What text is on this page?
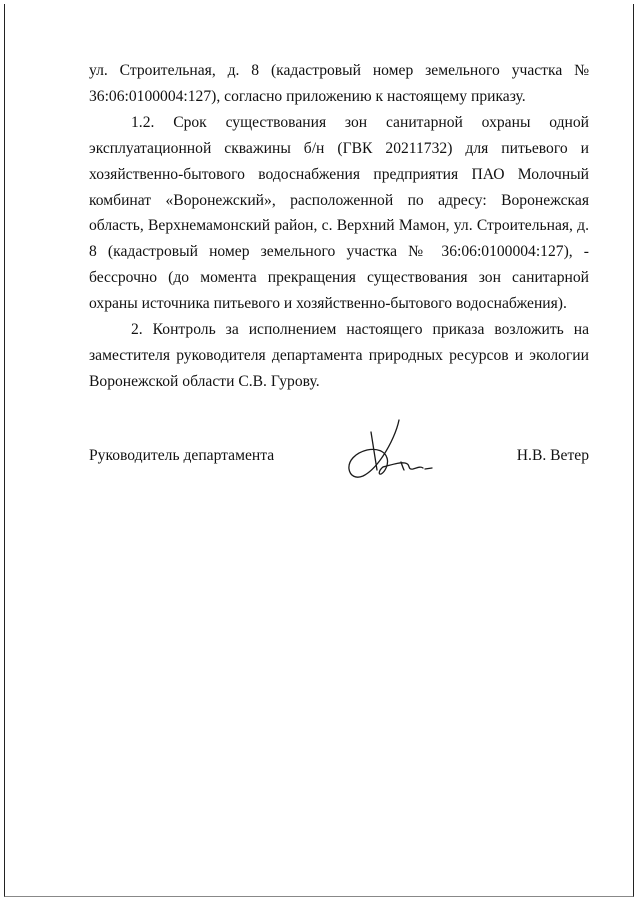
ул. Строительная, д. 8 (кадастровый номер земельного участка № 36:06:0100004:127), согласно приложению к настоящему приказу.

1.2. Срок существования зон санитарной охраны одной эксплуатационной скважины б/н (ГВК 20211732) для питьевого и хозяйственно-бытового водоснабжения предприятия ПАО Молочный комбинат «Воронежский», расположенной по адресу: Воронежская область, Верхнемамонский район, с. Верхний Мамон, ул. Строительная, д. 8 (кадастровый номер земельного участка № 36:06:0100004:127), - бессрочно (до момента прекращения существования зон санитарной охраны источника питьевого и хозяйственно-бытового водоснабжения).

2. Контроль за исполнением настоящего приказа возложить на заместителя руководителя департамента природных ресурсов и экологии Воронежской области С.В. Гурову.

Руководитель департамента	Н.В. Ветер
